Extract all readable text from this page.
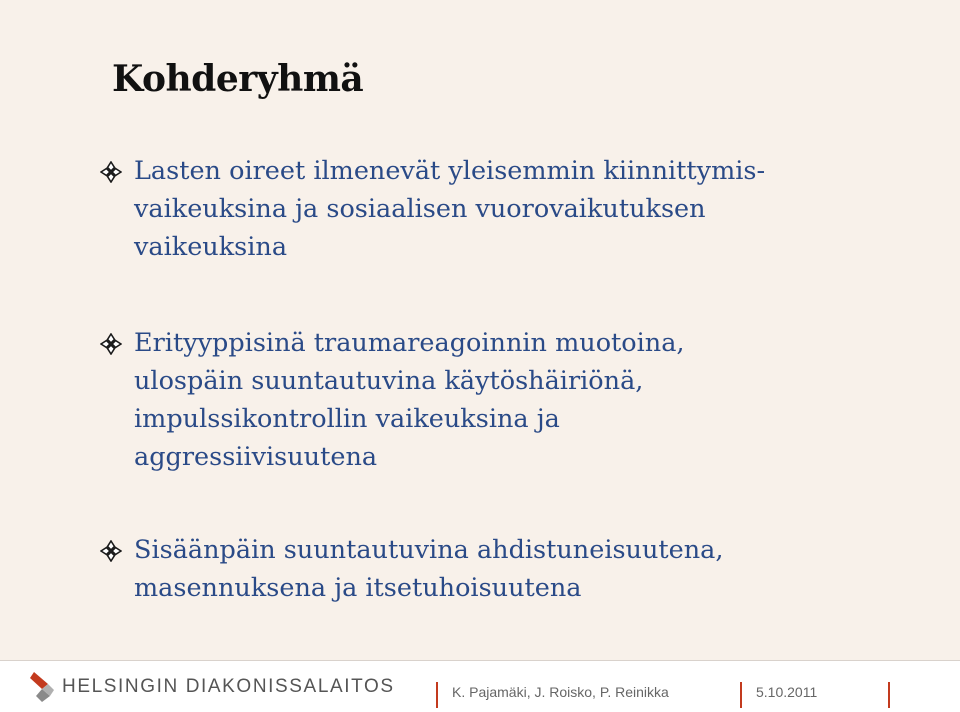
Kohderyhmä
Lasten oireet ilmenevät yleisemmin kiinnittymis-
vaikeuksina ja sosiaalisen vuorovaikutuksen
vaikeuksina
Erityyppisinä traumareagoinnin muotoina,
ulospäin suuntautuvina käytöshäiriönä,
impulssikontrollin vaikeuksina ja
aggressiivisuutena
Sisäänpäin suuntautuvina ahdistuneisuutena,
masennuksena ja itsetuhoisuutena
HELSINGIN DIAKONISSALAITOS	K. Pajamäki, J. Roisko, P. Reinikka	5.10.2011
